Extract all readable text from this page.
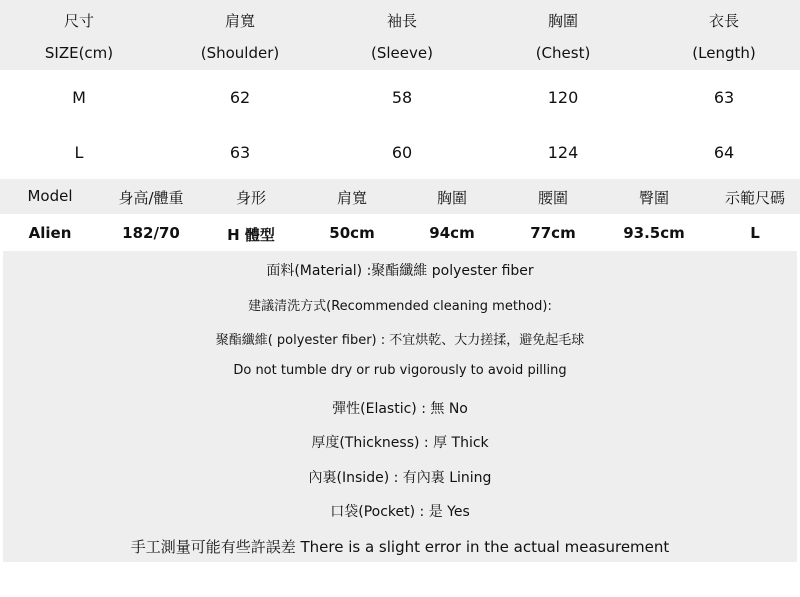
尺寸	肩寬	袖長	胸圍	衣長
SIZE(cm)	(Shoulder)	(Sleeve)	(Chest)	(Length)
M	62	58	120	63
L	63	60	124	64
Model	身高/體重	身形	肩寬	胸圍	腰圍	臀圍	示範尺碼
Alien	182/70	H 體型	50cm	94cm	77cm	93.5cm	L
面料(Material) :聚酯纖維 polyester fiber
建議清洗方式(Recommended cleaning method):
聚酯纖維( polyester fiber) : 不宜烘乾、大力搓揉，避免起毛球
Do not tumble dry or rub vigorously to avoid pilling
彈性(Elastic) : 無 No
厚度(Thickness) : 厚 Thick
內裏(Inside) : 有內裏 Lining
口袋(Pocket) : 是 Yes
手工測量可能有些許誤差 There is a slight error in the actual measurement
